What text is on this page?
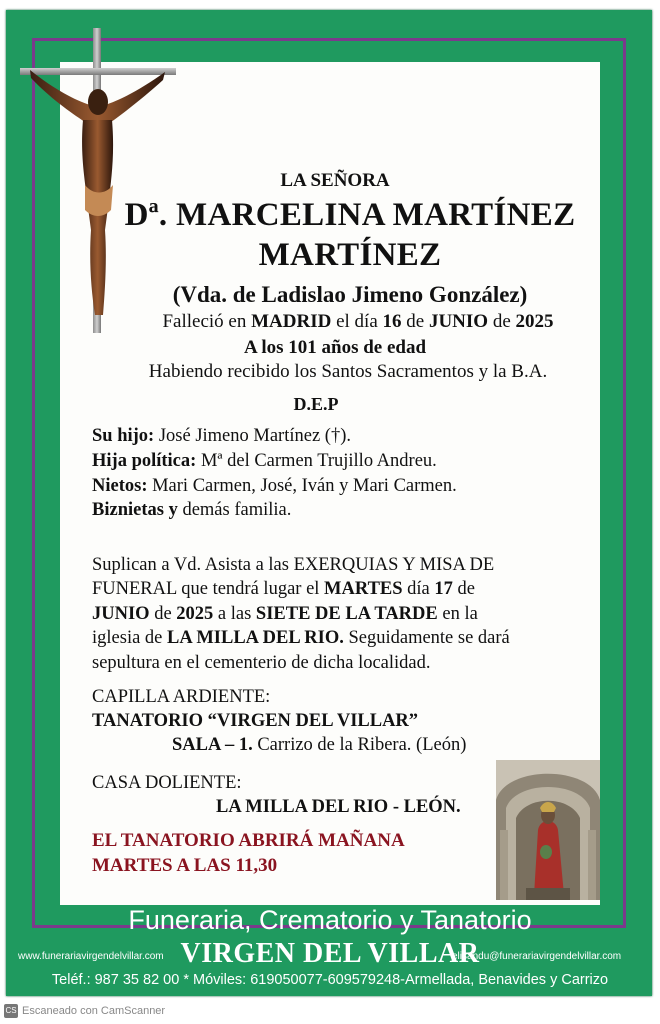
LA SEÑORA
Dª. MARCELINA MARTÍNEZ
MARTÍNEZ
(Vda. de Ladislao Jimeno González)
Falleció en MADRID el día 16 de JUNIO de 2025
A los 101 años de edad
Habiendo recibido los Santos Sacramentos y la B.A.
D.E.P
Su hijo: José Jimeno Martínez (†).
Hija política: Mª del Carmen Trujillo Andreu.
Nietos: Mari Carmen, José, Iván y Mari Carmen.
Biznietas y demás familia.
Suplican a Vd. Asista a las EXERQUIAS Y MISA DE
FUNERAL que tendrá lugar el MARTES día 17 de
JUNIO de 2025 a las SIETE DE LA TARDE en la
iglesia de LA MILLA DEL RIO. Seguidamente se dará
sepultura en el cementerio de dicha localidad.
CAPILLA ARDIENTE:
TANATORIO “VIRGEN DEL VILLAR”
SALA – 1. Carrizo de la Ribera. (León)
CASA DOLIENTE:
LA MILLA DEL RIO - LEÓN.
EL TANATORIO ABRIRÁ MAÑANA
MARTES A LAS 11,30
Funeraria, Crematorio y Tanatorio
www.funerariavirgendelvillar.com VIRGEN DEL VILLAR
elisandu@funerariavirgendelvillar.com
Teléf.: 987 35 82 00 * Móviles: 619050077-609579248-Armellada, Benavides y Carrizo
CS Escaneado con CamScanner
